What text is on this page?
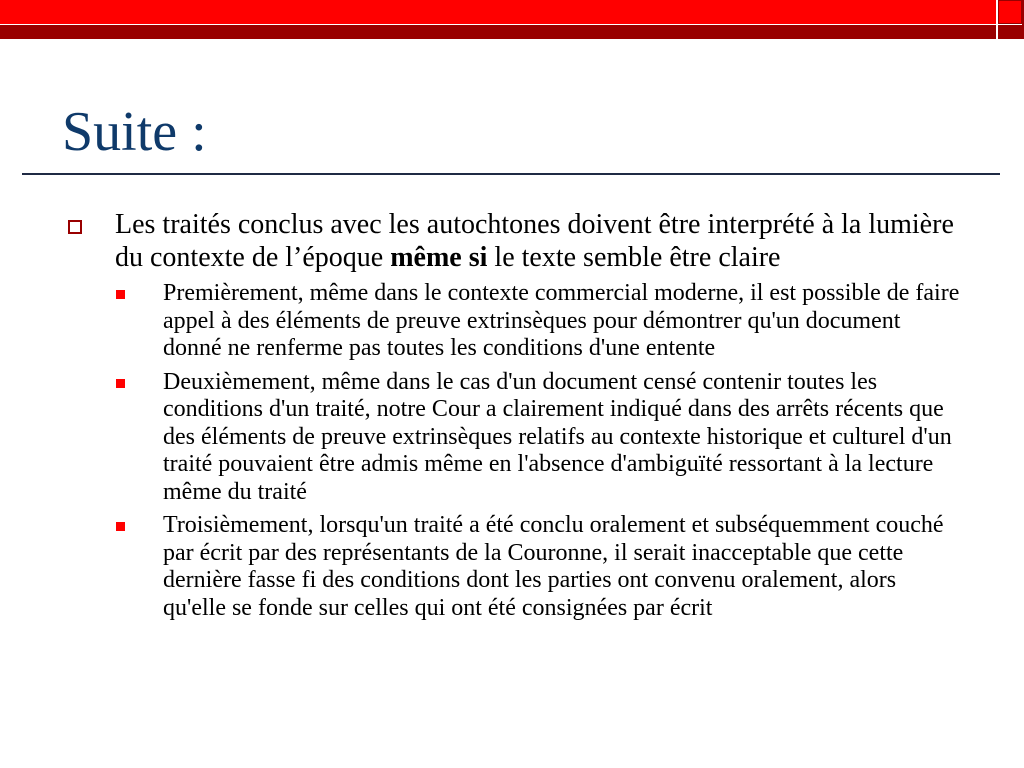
Suite :
Les traités conclus avec les autochtones doivent être interprété à la lumière du contexte de l’époque même si le texte semble être claire
Premièrement, même dans le contexte commercial moderne, il est possible de faire appel à des éléments de preuve extrinsèques pour démontrer qu'un document donné ne renferme pas toutes les conditions d'une entente
Deuxièmement, même dans le cas d'un document censé contenir toutes les conditions d'un traité, notre Cour a clairement indiqué dans des arrêts récents que des éléments de preuve extrinsèques relatifs au contexte historique et culturel d'un traité pouvaient être admis même en l'absence d'ambiguïté ressortant à la lecture même du traité
Troisièmement, lorsqu'un traité a été conclu oralement et subséquemment couché par écrit par des représentants de la Couronne, il serait inacceptable que cette dernière fasse fi des conditions dont les parties ont convenu oralement, alors qu'elle se fonde sur celles qui ont été consignées par écrit
